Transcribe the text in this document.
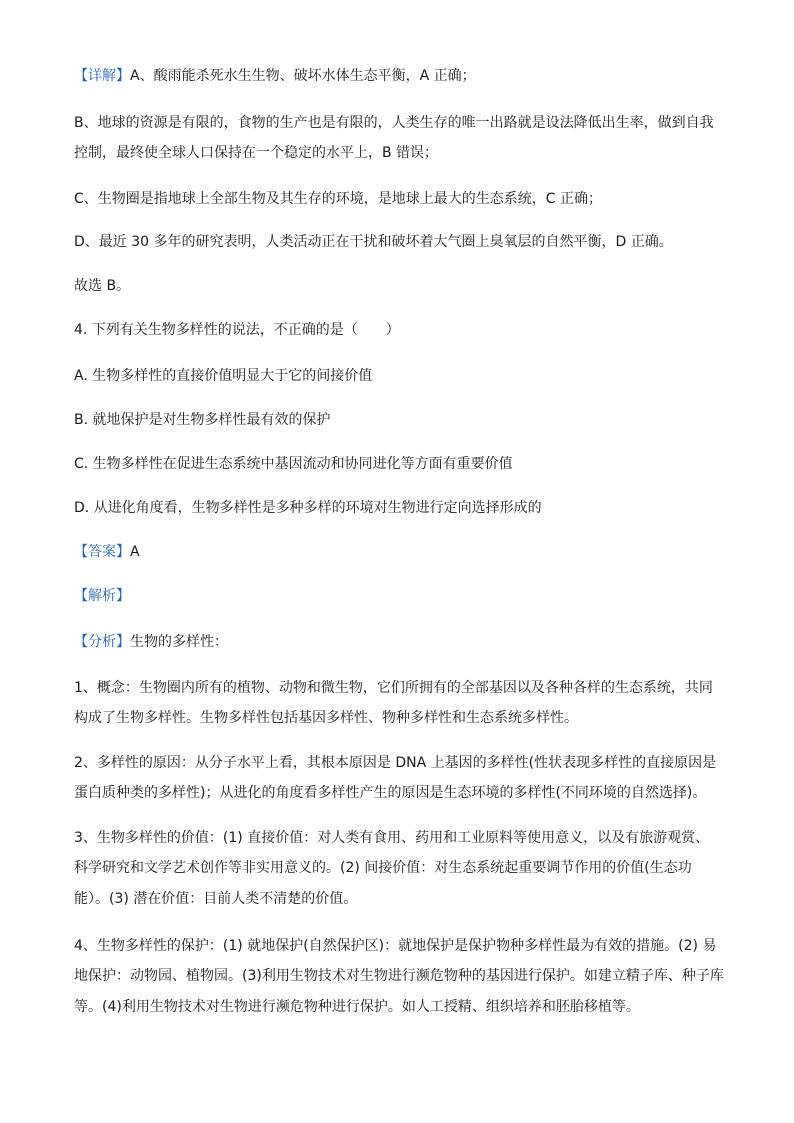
【详解】A、酸雨能杀死水生生物、破坏水体生态平衡，A 正确；
B、地球的资源是有限的，食物的生产也是有限的，人类生存的唯一出路就是设法降低出生率，做到自我
控制，最终使全球人口保持在一个稳定的水平上，B 错误；
C、生物圈是指地球上全部生物及其生存的环境，是地球上最大的生态系统，C 正确；
D、最近 30 多年的研究表明，人类活动正在干扰和破坏着大气圈上臭氧层的自然平衡，D 正确。
故选 B。
4. 下列有关生物多样性的说法，不正确的是（　　）
A. 生物多样性的直接价值明显大于它的间接价值
B. 就地保护是对生物多样性最有效的保护
C. 生物多样性在促进生态系统中基因流动和协同进化等方面有重要价值
D. 从进化角度看，生物多样性是多种多样的环境对生物进行定向选择形成的
【答案】A
【解析】
【分析】生物的多样性：
1、概念：生物圈内所有的植物、动物和微生物，它们所拥有的全部基因以及各种各样的生态系统，共同
构成了生物多样性。生物多样性包括基因多样性、物种多样性和生态系统多样性。
2、多样性的原因：从分子水平上看，其根本原因是 DNA 上基因的多样性(性状表现多样性的直接原因是
蛋白质种类的多样性)；从进化的角度看多样性产生的原因是生态环境的多样性(不同环境的自然选择)。
3、生物多样性的价值：(1) 直接价值：对人类有食用、药用和工业原料等使用意义，以及有旅游观赏、
科学研究和文学艺术创作等非实用意义的。(2) 间接价值：对生态系统起重要调节作用的价值(生态功
能）。(3) 潜在价值：目前人类不清楚的价值。
4、生物多样性的保护：(1) 就地保护(自然保护区)：就地保护是保护物种多样性最为有效的措施。(2) 易
地保护：动物园、植物园。(3)利用生物技术对生物进行濒危物种的基因进行保护。如建立精子库、种子库
等。(4)利用生物技术对生物进行濒危物种进行保护。如人工授精、组织培养和胚胎移植等。
